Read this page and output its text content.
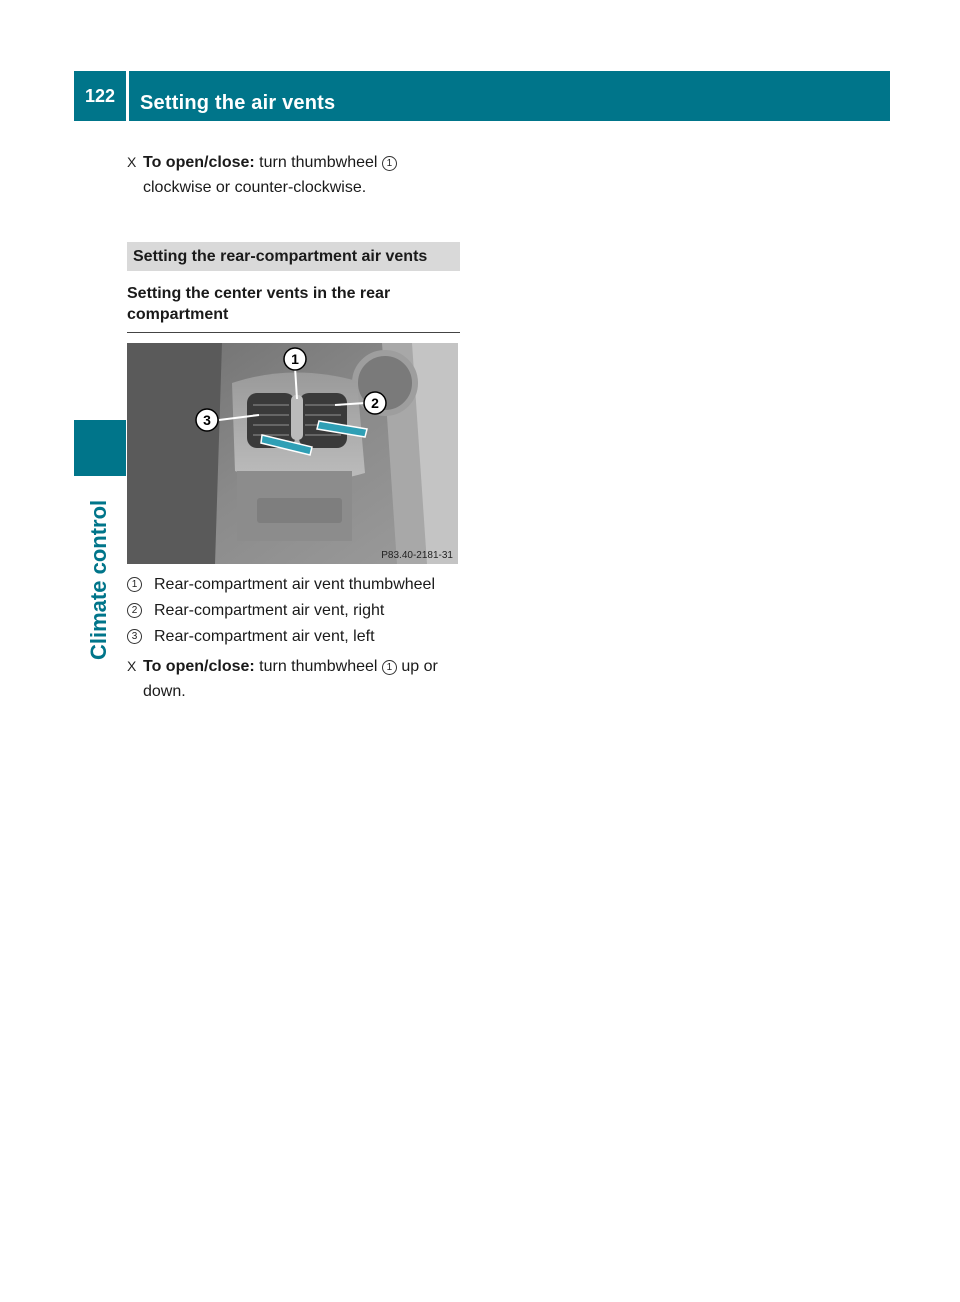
122	Setting the air vents
Climate control
X To open/close: turn thumbwheel 1
clockwise or counter-clockwise.
Setting the rear-compartment air vents
Setting the center vents in the rear compartment
1
2
3
P83.40-2181-31
1 Rear-compartment air vent thumbwheel
2 Rear-compartment air vent, right
3 Rear-compartment air vent, left
X To open/close: turn thumbwheel 1 up or down.
